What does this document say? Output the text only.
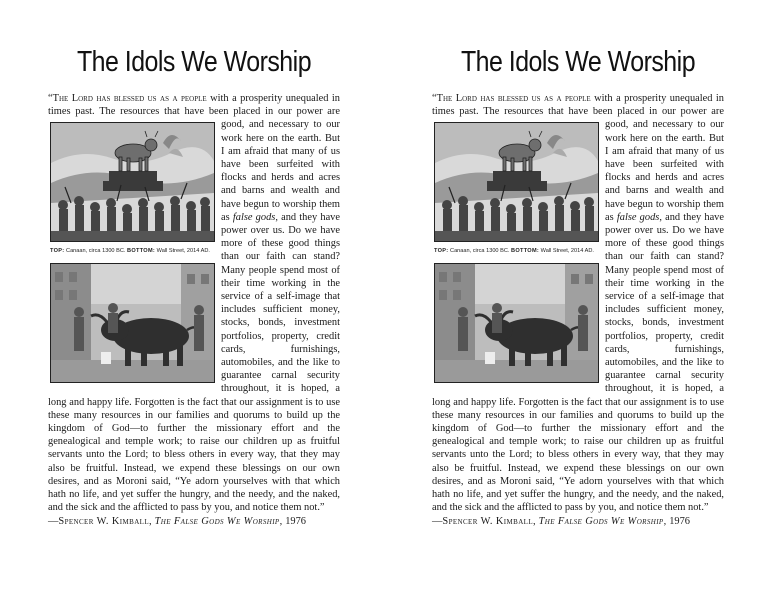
The Idols We Worship
“The Lord has blessed us as a people with a prosperity unequaled in times past. The resources that have been placed in our
TOP: Canaan, circa 1300 BC. BOTTOM: Wall Street, 2014 AD.
power are good, and necessary to our work here on the earth. But I am afraid that many of us have been surfeited with flocks and herds and acres and barns and wealth and have begun to worship them as false gods, and they have power over us. Do we have more of these good things than our faith can stand? Many people spend most of their time working in the service of a self-image that includes sufficient money, stocks, bonds, investment portfolios, property, credit cards, furnishings, automobiles, and the like to guarantee carnal security throughout, it is hoped, a long and happy life. Forgotten is the fact that our assignment is to use these many resources in our families and quorums to build up the kingdom of God—to further the missionary effort and the genealogical and temple work; to raise our children up as fruitful servants unto the Lord; to bless others in every way, that they may also be fruitful. Instead, we expend these blessings on our own desires, and as Moroni said, “Ye adorn yourselves with that which hath no life, and yet suffer the hungry, and the needy, and the naked, and the sick and the afflicted to pass by you, and notice them not.”
—Spencer W. Kimball, The False Gods We Worship, 1976
The Idols We Worship
“The Lord has blessed us as a people with a prosperity unequaled in times past. The resources that have been placed in our
TOP: Canaan, circa 1300 BC. BOTTOM: Wall Street, 2014 AD.
power are good, and necessary to our work here on the earth. But I am afraid that many of us have been surfeited with flocks and herds and acres and barns and wealth and have begun to worship them as false gods, and they have power over us. Do we have more of these good things than our faith can stand? Many people spend most of their time working in the service of a self-image that includes sufficient money, stocks, bonds, investment portfolios, property, credit cards, furnishings, automobiles, and the like to guarantee carnal security throughout, it is hoped, a long and happy life. Forgotten is the fact that our assignment is to use these many resources in our families and quorums to build up the kingdom of God—to further the missionary effort and the genealogical and temple work; to raise our children up as fruitful servants unto the Lord; to bless others in every way, that they may also be fruitful. Instead, we expend these blessings on our own desires, and as Moroni said, “Ye adorn yourselves with that which hath no life, and yet suffer the hungry, and the needy, and the naked, and the sick and the afflicted to pass by you, and notice them not.”
—Spencer W. Kimball, The False Gods We Worship, 1976
